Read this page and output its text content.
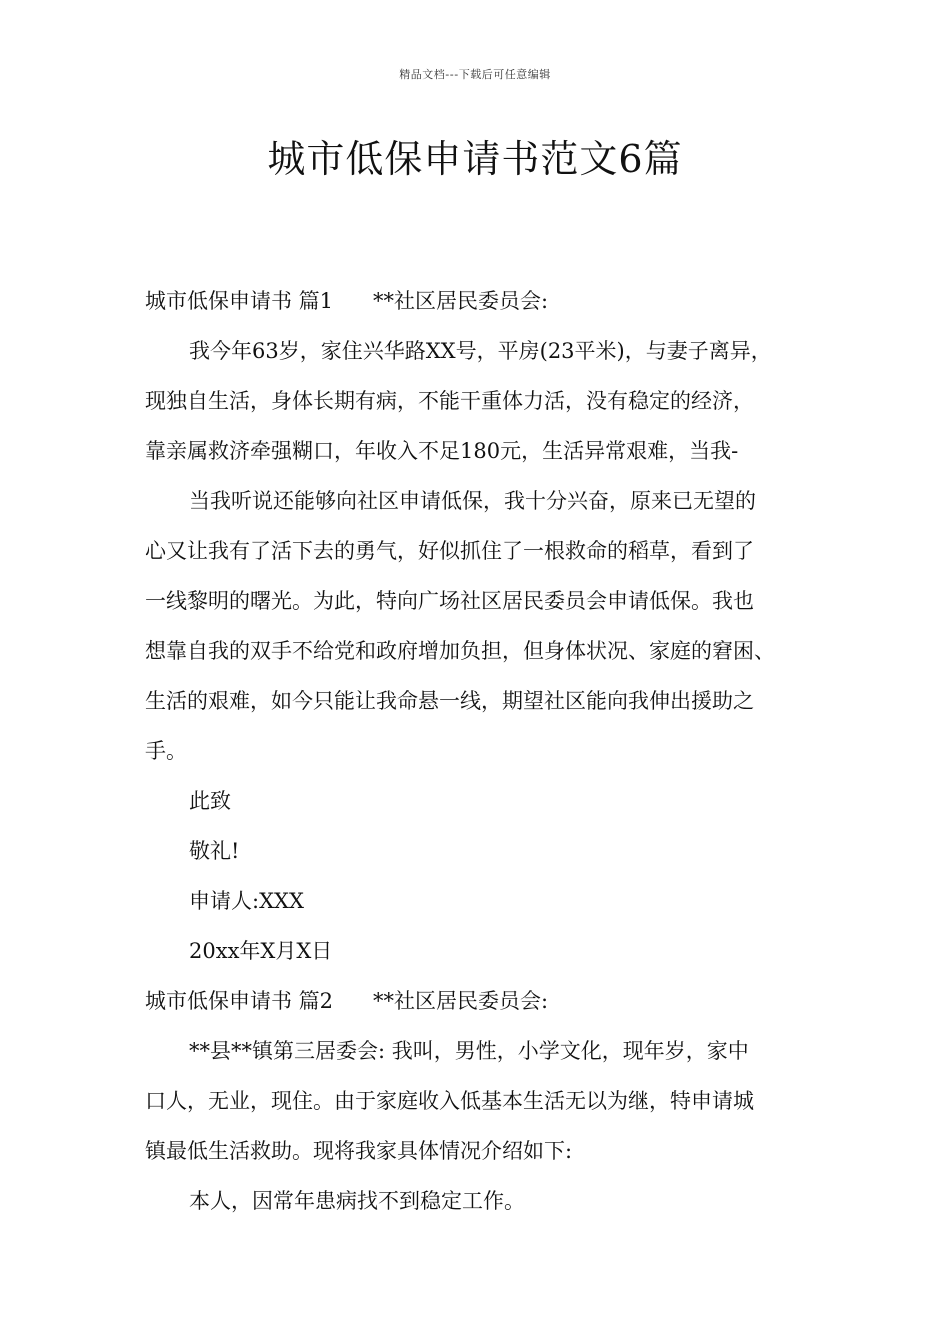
精品文档---下载后可任意编辑
城市低保申请书范文6篇
城市低保申请书 篇1 **社区居民委员会:
我今年63岁，家住兴华路XX号，平房(23平米)，与妻子离异，
现独自生活，身体长期有病，不能干重体力活，没有稳定的经济，
靠亲属救济牵强糊口，年收入不足180元，生活异常艰难，当我-
当我听说还能够向社区申请低保，我十分兴奋，原来已无望的
心又让我有了活下去的勇气，好似抓住了一根救命的稻草，看到了
一线黎明的曙光。为此，特向广场社区居民委员会申请低保。我也
想靠自我的双手不给党和政府增加负担，但身体状况、家庭的窘困、
生活的艰难，如今只能让我命悬一线，期望社区能向我伸出援助之
手。
此致
敬礼!
申请人:XXX
20xx年X月X日
城市低保申请书 篇2 **社区居民委员会:
**县**镇第三居委会: 我叫，男性，小学文化，现年岁，家中
口人，无业，现住。由于家庭收入低基本生活无以为继，特申请城
镇最低生活救助。现将我家具体情况介绍如下:
本人，因常年患病找不到稳定工作。
